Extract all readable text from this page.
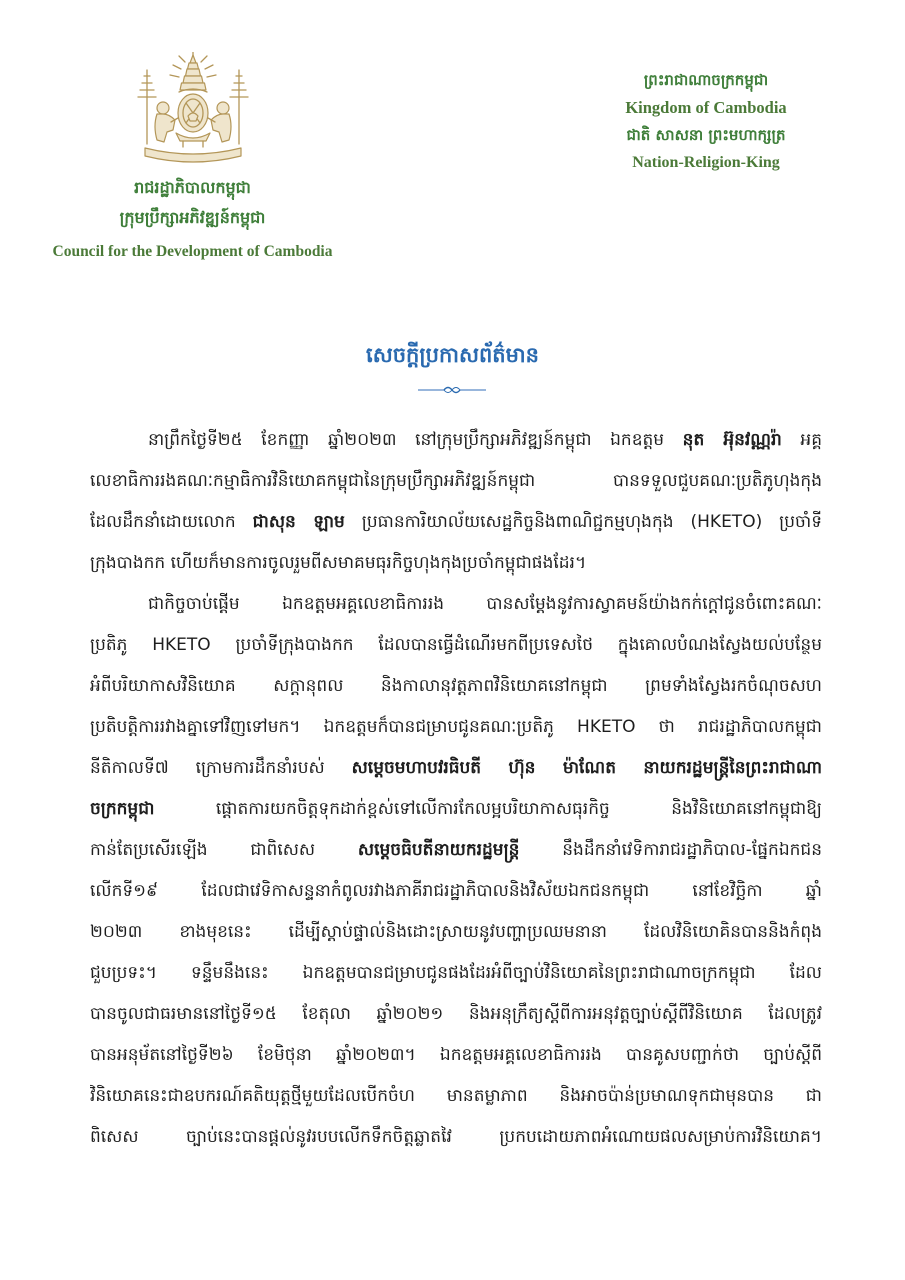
រាជរដ្ឋាភិបាលកម្ពុជា
ក្រុមប្រឹក្សាអភិវឌ្ឍន៍កម្ពុជា
Council for the Development of Cambodia
ព្រះរាជាណាចក្រកម្ពុជា
Kingdom of Cambodia
ជាតិ សាសនា ព្រះមហាក្សត្រ
Nation-Religion-King
សេចក្តីប្រកាសព័ត៌មាន
នាព្រឹកថ្ងៃទី២៥ ខែកញ្ញា ឆ្នាំ២០២៣ នៅក្រុមប្រឹក្សាអភិវឌ្ឍន៍កម្ពុជា ឯកឧត្តម នុត អ៊ុនវណ្ណរ៉ា អគ្គ
លេខាធិការរងគណៈកម្មាធិការវិនិយោគកម្ពុជានៃក្រុមប្រឹក្សាអភិវឌ្ឍន៍កម្ពុជា បានទទួលជួបគណៈប្រតិភូហុងកុង
ដែលដឹកនាំដោយលោក ជាសុន ឡាម ប្រធានការិយាល័យសេដ្ឋកិច្ចនិងពាណិជ្ជកម្មហុងកុង (HKETO) ប្រចាំទី
ក្រុងបាងកក ហើយក៏មានការចូលរួមពីសមាគមធុរកិច្ចហុងកុងប្រចាំកម្ពុជាផងដែរ។
ជាកិច្ចចាប់ផ្តើម ឯកឧត្តមអគ្គលេខាធិការរង បានសម្តែងនូវការស្វាគមន៍យ៉ាងកក់ក្តៅជូនចំពោះគណៈ
ប្រតិភូ HKETO ប្រចាំទីក្រុងបាងកក ដែលបានធ្វើដំណើរមកពីប្រទេសថៃ ក្នុងគោលបំណងស្វែងយល់បន្ថែម
អំពីបរិយាកាសវិនិយោគ សក្តានុពល និងកាលានុវត្តភាពវិនិយោគនៅកម្ពុជា ព្រមទាំងស្វែងរកចំណុចសហ
ប្រតិបត្តិការរវាងគ្នាទៅវិញទៅមក។ ឯកឧត្តមក៏បានជម្រាបជូនគណៈប្រតិភូ HKETO ថា រាជរដ្ឋាភិបាលកម្ពុជា
នីតិកាលទី៧ ក្រោមការដឹកនាំរបស់ សម្តេចមហាបវរធិបតី ហ៊ុន ម៉ាណែត នាយករដ្ឋមន្ត្រីនៃព្រះរាជាណា
ចក្រកម្ពុជា ផ្តោតការយកចិត្តទុកដាក់ខ្ពស់ទៅលើការកែលម្អបរិយាកាសធុរកិច្ច និងវិនិយោគនៅកម្ពុជាឱ្យ
កាន់តែប្រសើរឡើង ជាពិសេស សម្តេចធិបតីនាយករដ្ឋមន្ត្រី នឹងដឹកនាំវេទិការាជរដ្ឋាភិបាល-ផ្នែកឯកជន
លើកទី១៩ ដែលជាវេទិកាសន្ទនាកំពូលរវាងភាគីរាជរដ្ឋាភិបាលនិងវិស័យឯកជនកម្ពុជា នៅខែវិច្ឆិកា ឆ្នាំ
២០២៣ ខាងមុខនេះ ដើម្បីស្តាប់ផ្ទាល់និងដោះស្រាយនូវបញ្ហាប្រឈមនានា ដែលវិនិយោគិនបាននិងកំពុង
ជួបប្រទះ។ ទន្ទឹមនឹងនេះ ឯកឧត្តមបានជម្រាបជូនផងដែរអំពីច្បាប់វិនិយោគនៃព្រះរាជាណាចក្រកម្ពុជា ដែល
បានចូលជាធរមាននៅថ្ងៃទី១៥ ខែតុលា ឆ្នាំ២០២១ និងអនុក្រឹត្យស្តីពីការអនុវត្តច្បាប់ស្តីពីវិនិយោគ ដែលត្រូវ
បានអនុម័តនៅថ្ងៃទី២៦ ខែមិថុនា ឆ្នាំ២០២៣។ ឯកឧត្តមអគ្គលេខាធិការរង បានគូសបញ្ជាក់ថា ច្បាប់ស្តីពី
វិនិយោគនេះជាឧបករណ៍គតិយុត្តថ្មីមួយដែលបើកចំហ មានតម្លាភាព និងអាចប៉ាន់ប្រមាណទុកជាមុនបាន ជា
ពិសេស ច្បាប់នេះបានផ្តល់នូវរបបលើកទឹកចិត្តឆ្លាតវៃ ប្រកបដោយភាពអំណោយផលសម្រាប់ការវិនិយោគ។
